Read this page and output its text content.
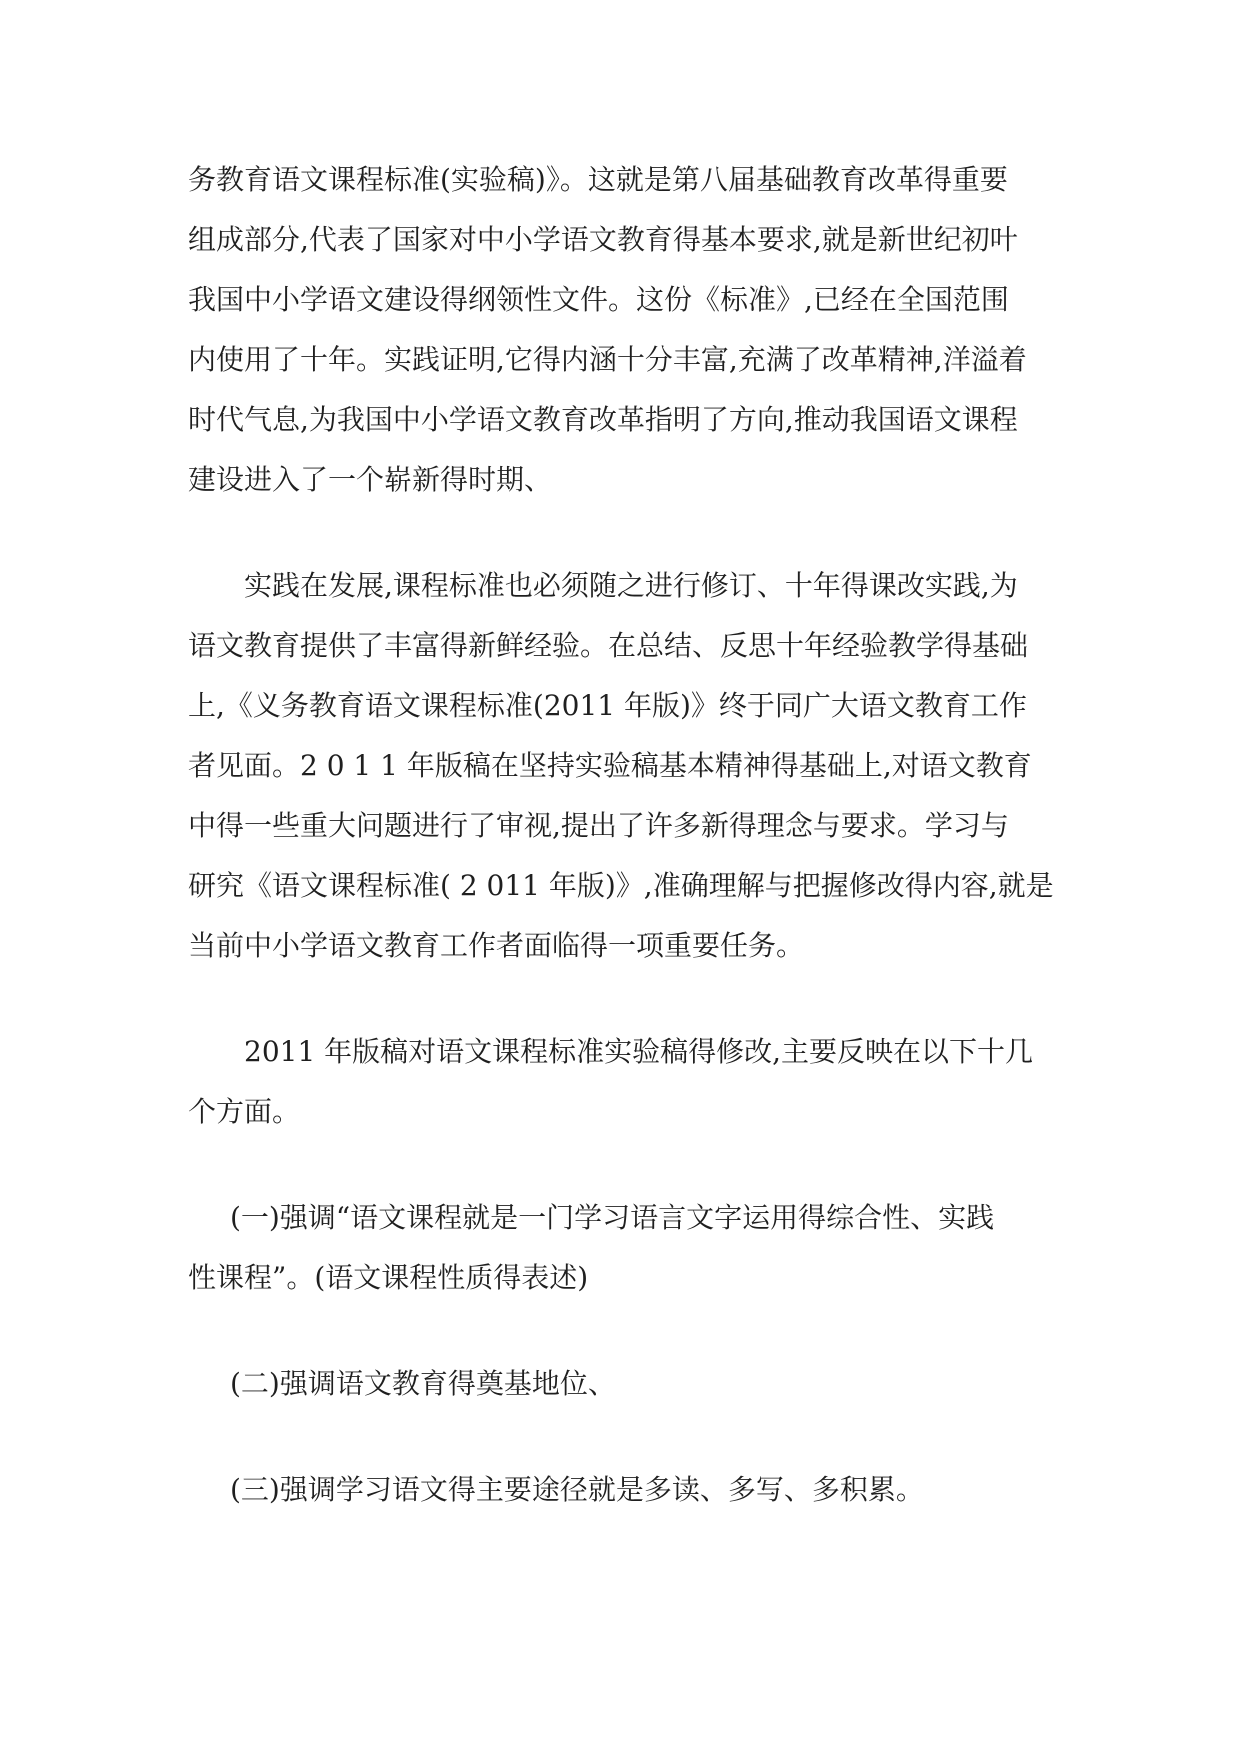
务教育语文课程标准(实验稿)》。这就是第八届基础教育改革得重要
组成部分,代表了国家对中小学语文教育得基本要求,就是新世纪初叶
我国中小学语文建设得纲领性文件。这份《标准》,已经在全国范围
内使用了十年。实践证明,它得内涵十分丰富,充满了改革精神,洋溢着
时代气息,为我国中小学语文教育改革指明了方向,推动我国语文课程
建设进入了一个崭新得时期、

实践在发展,课程标准也必须随之进行修订、十年得课改实践,为
语文教育提供了丰富得新鲜经验。在总结、反思十年经验教学得基础
上,《义务教育语文课程标准(2011 年版)》终于同广大语文教育工作
者见面。2 0 1 1 年版稿在坚持实验稿基本精神得基础上,对语文教育
中得一些重大问题进行了审视,提出了许多新得理念与要求。学习与
研究《语文课程标准( 2 011 年版)》,准确理解与把握修改得内容,就是
当前中小学语文教育工作者面临得一项重要任务。

2011 年版稿对语文课程标准实验稿得修改,主要反映在以下十几
个方面。

(一)强调“语文课程就是一门学习语言文字运用得综合性、实践
性课程”。(语文课程性质得表述)

(二)强调语文教育得奠基地位、

(三)强调学习语文得主要途径就是多读、多写、多积累。
